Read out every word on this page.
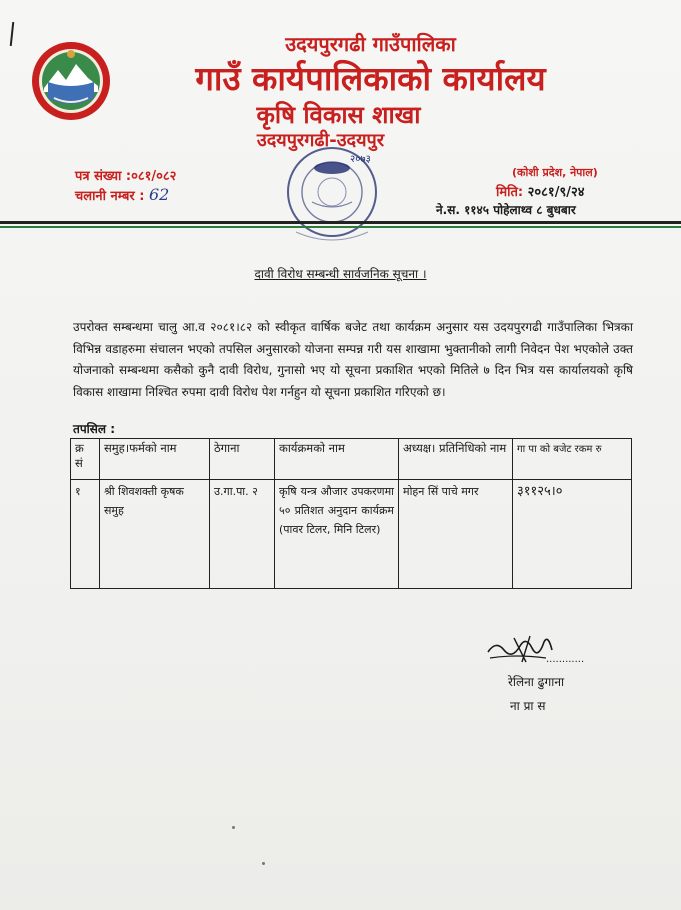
उदयपुरगढी गाउँपालिका
गाउँ कार्यपालिकाको कार्यालय
कृषि विकास शाखा
उदयपुरगढी-उदयपुर
२०७३
पत्र संख्या :०८१/०८२
चलानी नम्बर : 62
(कोशी प्रदेश, नेपाल)
मिति: २०८१/९/२४
ने.स. ११४५ पोहेलाथ्व ८ बुधबार
दावी विरोध सम्बन्धी सार्वजनिक सूचना ।
उपरोक्त सम्बन्धमा चालु आ.व २०८१।८२ को स्वीकृत वार्षिक बजेट तथा कार्यक्रम अनुसार यस उदयपुरगढी गाउँपालिका भित्रका विभिन्न वडाहरुमा संचालन भएको तपसिल अनुसारको योजना सम्पन्न गरी यस शाखामा भुक्तानीको लागी निवेदन पेश भएकोले उक्त योजनाको सम्बन्धमा कसैको कुनै दावी विरोध, गुनासो भए यो सूचना प्रकाशित भएको मितिले ७ दिन भित्र यस कार्यालयको कृषि विकास शाखामा निश्चित रुपमा दावी विरोध पेश गर्नहुन यो सूचना प्रकाशित गरिएको छ।
तपसिल :
क्र सं	समुह।फर्मको नाम	ठेगाना	कार्यक्रमको नाम	अध्यक्ष। प्रतिनिधिको नाम	गा पा को बजेट रकम रु
१	श्री शिवशक्ती कृषक समुह	उ.गा.पा. २	कृषि यन्त्र औजार उपकरणमा ५० प्रतिशत अनुदान कार्यक्रम (पावर टिलर, मिनि टिलर)	मोहन सिं पाचे मगर	३११२५।०
............
रेलिना ढुगाना
ना प्रा स
